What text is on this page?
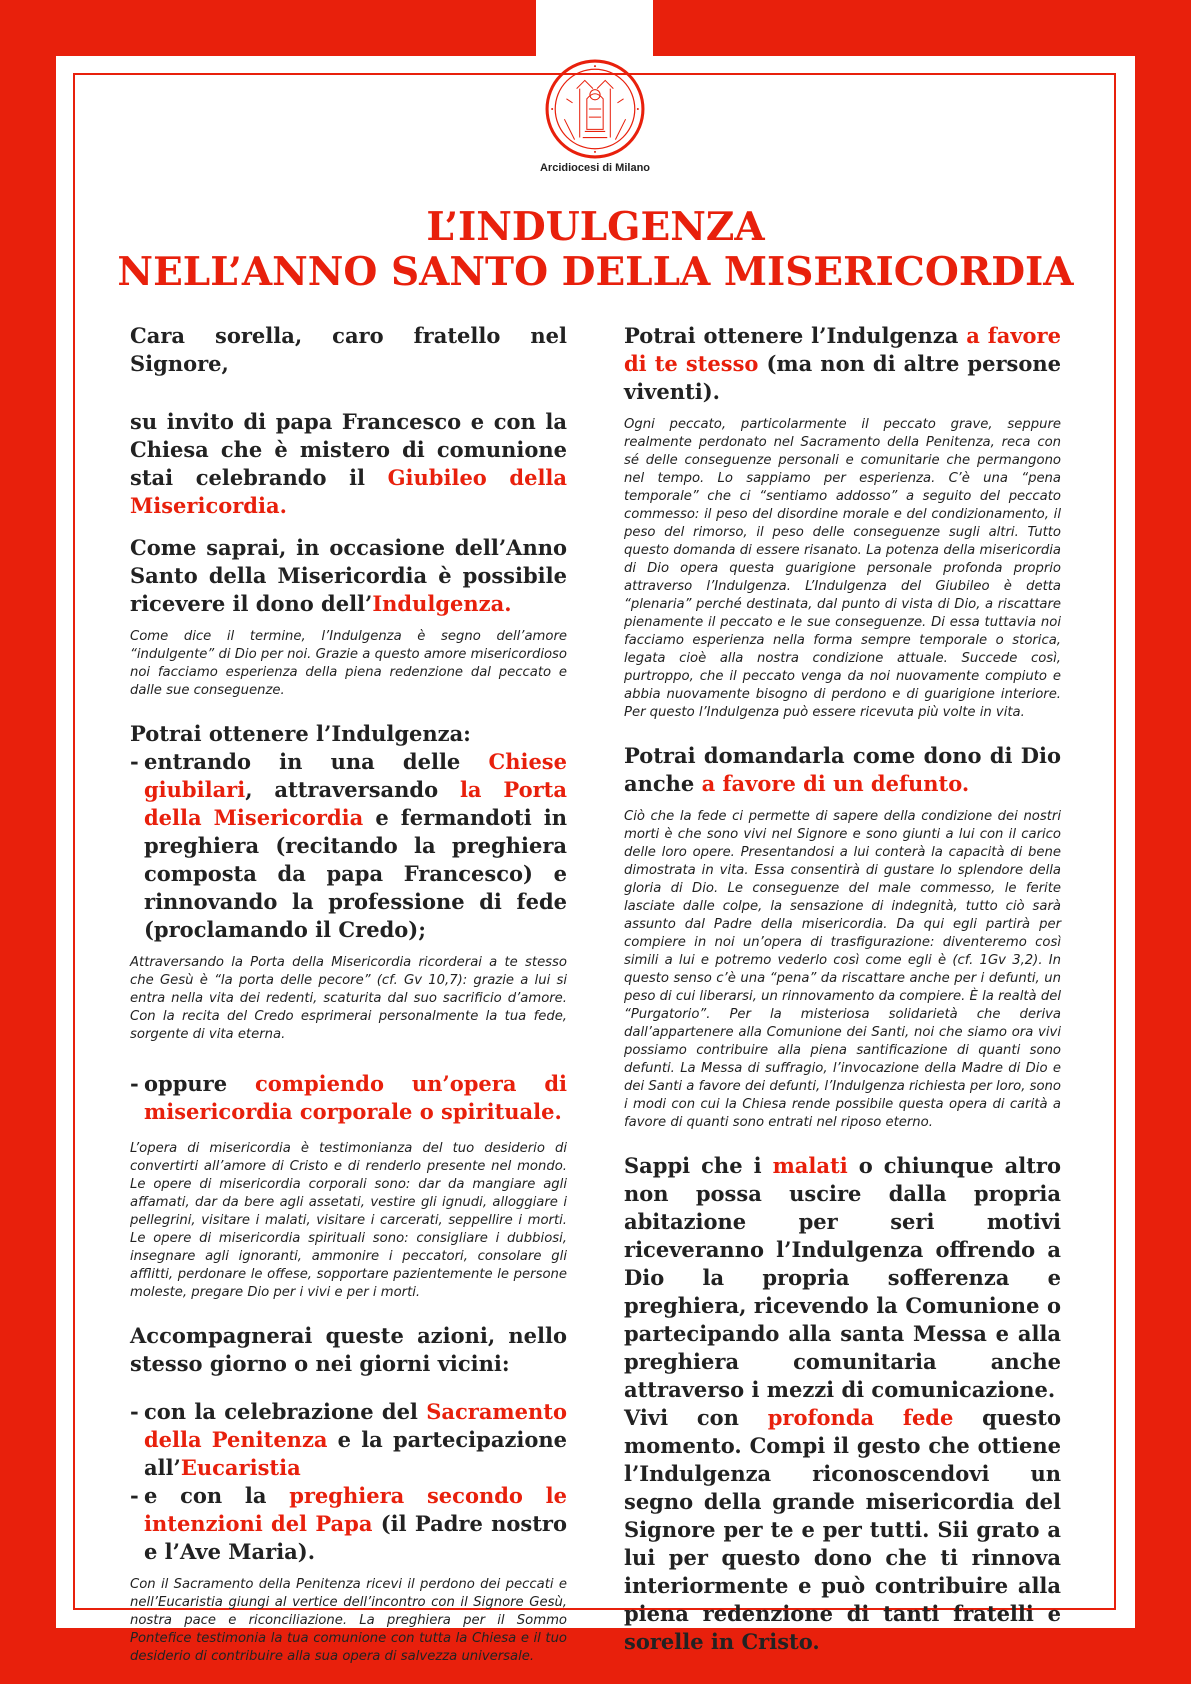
Arcidiocesi di Milano
L’INDULGENZA
NELL’ANNO SANTO DELLA MISERICORDIA

Cara sorella, caro fratello nel Signore,

su invito di papa Francesco e con la Chiesa che è mistero di comunione stai celebrando il Giubileo della Misericordia.

Come saprai, in occasione dell’Anno Santo della Misericordia è possibile ricevere il dono dell’Indulgenza.

Come dice il termine, l’Indulgenza è segno dell’amore “indulgente” di Dio per noi. Grazie a questo amore misericordioso noi facciamo esperienza della piena redenzione dal peccato e dalle sue conseguenze.

Potrai ottenere l’Indulgenza:

- entrando in una delle Chiese giubilari, attraversando la Porta della Misericordia e fermandoti in preghiera (recitando la preghiera composta da papa Francesco) e rinnovando la professione di fede (proclamando il Credo);

Attraversando la Porta della Misericordia ricorderai a te stesso che Gesù è “la porta delle pecore” (cf. Gv 10,7): grazie a lui si entra nella vita dei redenti, scaturita dal suo sacrificio d’amore. Con la recita del Credo esprimerai personalmente la tua fede, sorgente di vita eterna.

- oppure compiendo un’opera di misericordia corporale o spirituale.

L’opera di misericordia è testimonianza del tuo desiderio di convertirti all’amore di Cristo e di renderlo presente nel mondo. Le opere di misericordia corporali sono: dar da mangiare agli affamati, dar da bere agli assetati, vestire gli ignudi, alloggiare i pellegrini, visitare i malati, visitare i carcerati, seppellire i morti. Le opere di misericordia spirituali sono: consigliare i dubbiosi, insegnare agli ignoranti, ammonire i peccatori, consolare gli afflitti, perdonare le offese, sopportare pazientemente le persone moleste, pregare Dio per i vivi e per i morti.

Accompagnerai queste azioni, nello stesso giorno o nei giorni vicini:

- con la celebrazione del Sacramento della Penitenza e la partecipazione all’Eucaristia

- e con la preghiera secondo le intenzioni del Papa (il Padre nostro e l’Ave Maria).

Con il Sacramento della Penitenza ricevi il perdono dei peccati e nell’Eucaristia giungi al vertice dell’incontro con il Signore Gesù, nostra pace e riconciliazione. La preghiera per il Sommo Pontefice testimonia la tua comunione con tutta la Chiesa e il tuo desiderio di contribuire alla sua opera di salvezza universale.

Potrai ottenere l’Indulgenza a favore di te stesso (ma non di altre persone viventi).

Ogni peccato, particolarmente il peccato grave, seppure realmente perdonato nel Sacramento della Penitenza, reca con sé delle conseguenze personali e comunitarie che permangono nel tempo. Lo sappiamo per esperienza. C’è una “pena temporale” che ci “sentiamo addosso” a seguito del peccato commesso: il peso del disordine morale e del condizionamento, il peso del rimorso, il peso delle conseguenze sugli altri. Tutto questo domanda di essere risanato. La potenza della misericordia di Dio opera questa guarigione personale profonda proprio attraverso l’Indulgenza. L’Indulgenza del Giubileo è detta “plenaria” perché destinata, dal punto di vista di Dio, a riscattare pienamente il peccato e le sue conseguenze. Di essa tuttavia noi facciamo esperienza nella forma sempre temporale o storica, legata cioè alla nostra condizione attuale. Succede così, purtroppo, che il peccato venga da noi nuovamente compiuto e abbia nuovamente bisogno di perdono e di guarigione interiore. Per questo l’Indulgenza può essere ricevuta più volte in vita.

Potrai domandarla come dono di Dio anche a favore di un defunto.

Ciò che la fede ci permette di sapere della condizione dei nostri morti è che sono vivi nel Signore e sono giunti a lui con il carico delle loro opere. Presentandosi a lui conterà la capacità di bene dimostrata in vita. Essa consentirà di gustare lo splendore della gloria di Dio. Le conseguenze del male commesso, le ferite lasciate dalle colpe, la sensazione di indegnità, tutto ciò sarà assunto dal Padre della misericordia. Da qui egli partirà per compiere in noi un’opera di trasfigurazione: diventeremo così simili a lui e potremo vederlo così come egli è (cf. 1Gv 3,2). In questo senso c’è una “pena” da riscattare anche per i defunti, un peso di cui liberarsi, un rinnovamento da compiere. È la realtà del “Purgatorio”. Per la misteriosa solidarietà che deriva dall’appartenere alla Comunione dei Santi, noi che siamo ora vivi possiamo contribuire alla piena santificazione di quanti sono defunti. La Messa di suffragio, l’invocazione della Madre di Dio e dei Santi a favore dei defunti, l’Indulgenza richiesta per loro, sono i modi con cui la Chiesa rende possibile questa opera di carità a favore di quanti sono entrati nel riposo eterno.

Sappi che i malati o chiunque altro non possa uscire dalla propria abitazione per seri motivi riceveranno l’Indulgenza offrendo a Dio la propria sofferenza e preghiera, ricevendo la Comunione o partecipando alla santa Messa e alla preghiera comunitaria anche attraverso i mezzi di comunicazione.

Vivi con profonda fede questo momento. Compi il gesto che ottiene l’Indulgenza riconoscendovi un segno della grande misericordia del Signore per te e per tutti. Sii grato a lui per questo dono che ti rinnova interiormente e può contribuire alla piena redenzione di tanti fratelli e sorelle in Cristo.
